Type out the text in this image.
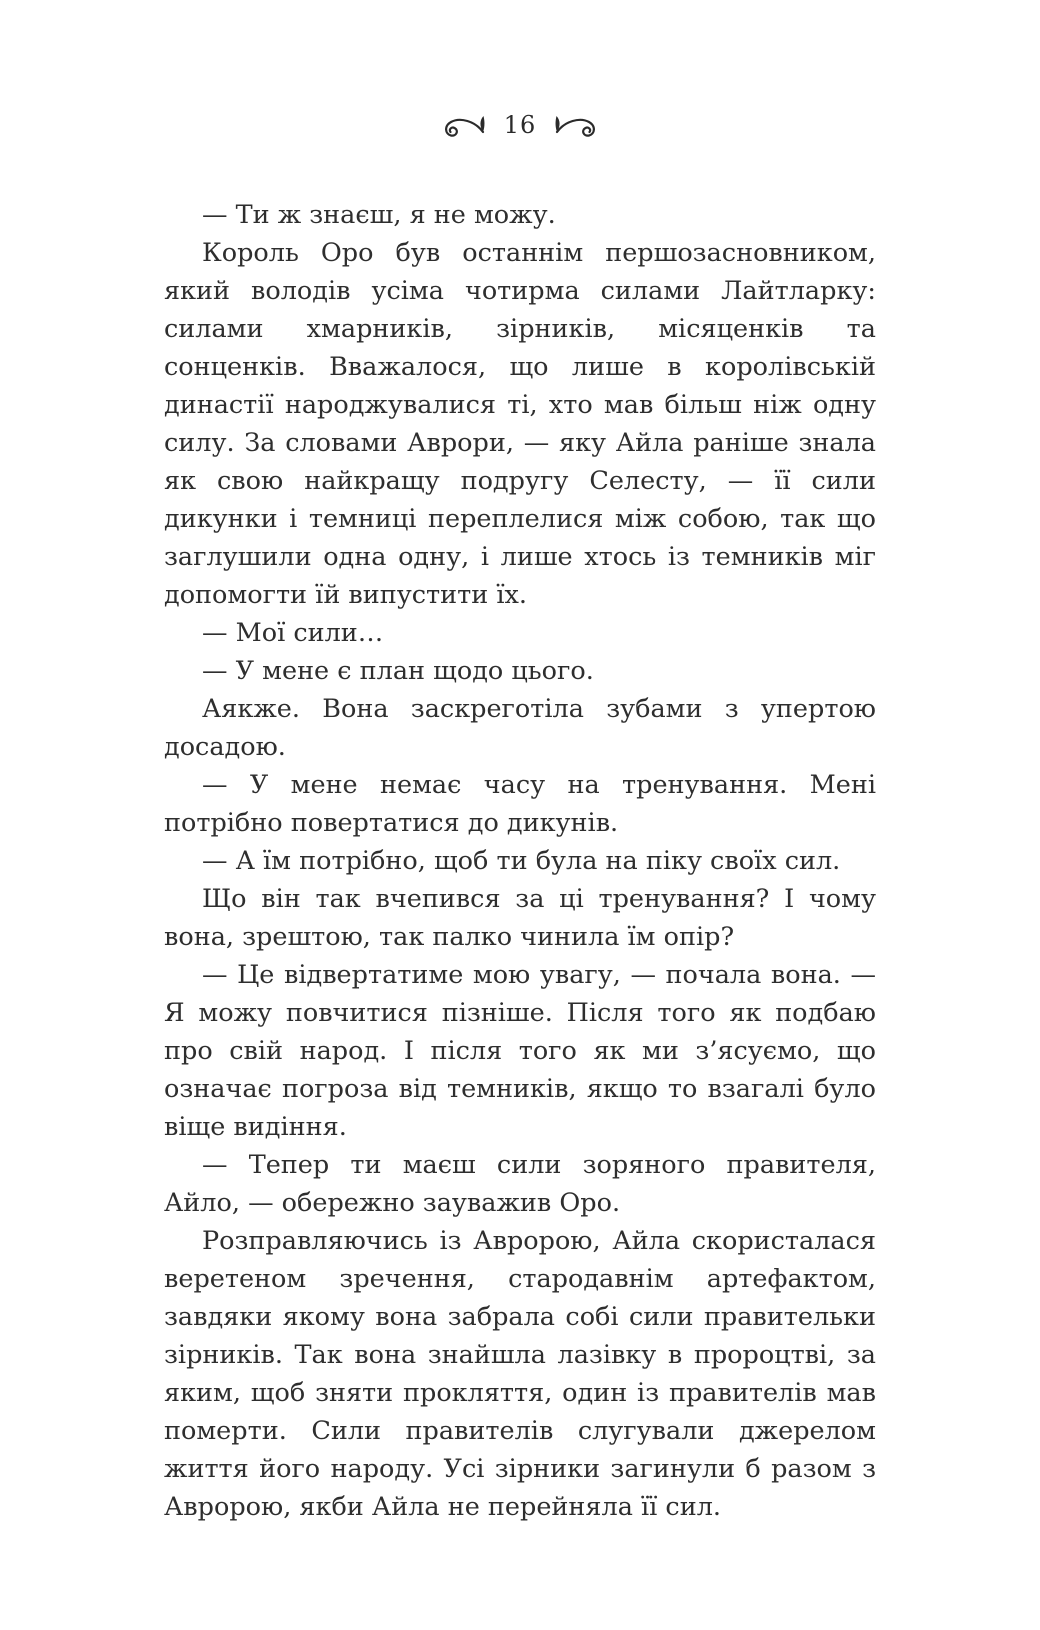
16

— Ти ж знаєш, я не можу.

Король Оро був останнім першозасновником, який володів усіма чотирма силами Лайтларку: силами хмарників, зірників, місяценків та сонценків. Вважалося, що лише в королівській династії народжувалися ті, хто мав більш ніж одну силу. За словами Аврори, — яку Айла раніше знала як свою найкращу подругу Селесту, — її сили дикунки і темниці переплелися між собою, так що заглушили одна одну, і лише хтось із темників міг допомогти їй випустити їх.

— Мої сили…

— У мене є план щодо цього.

Аякже. Вона заскреготіла зубами з упертою досадою.

— У мене немає часу на тренування. Мені потрібно повертатися до дикунів.

— А їм потрібно, щоб ти була на піку своїх сил.

Що він так вчепився за ці тренування? І чому вона, зрештою, так палко чинила їм опір?

— Це відвертатиме мою увагу, — почала вона. — Я можу повчитися пізніше. Після того як подбаю про свій народ. І після того як ми з’ясуємо, що означає погроза від темників, якщо то взагалі було віще видіння.

— Тепер ти маєш сили зоряного правителя, Айло, — обережно зауважив Оро.

Розправляючись із Авророю, Айла скористалася веретеном зречення, стародавнім артефактом, завдяки якому вона забрала собі сили правительки зірників. Так вона знайшла лазівку в пророцтві, за яким, щоб зняти прокляття, один із правителів мав померти. Сили правителів слугували джерелом життя його народу. Усі зірники загинули б разом з Авророю, якби Айла не перейняла її сил.
